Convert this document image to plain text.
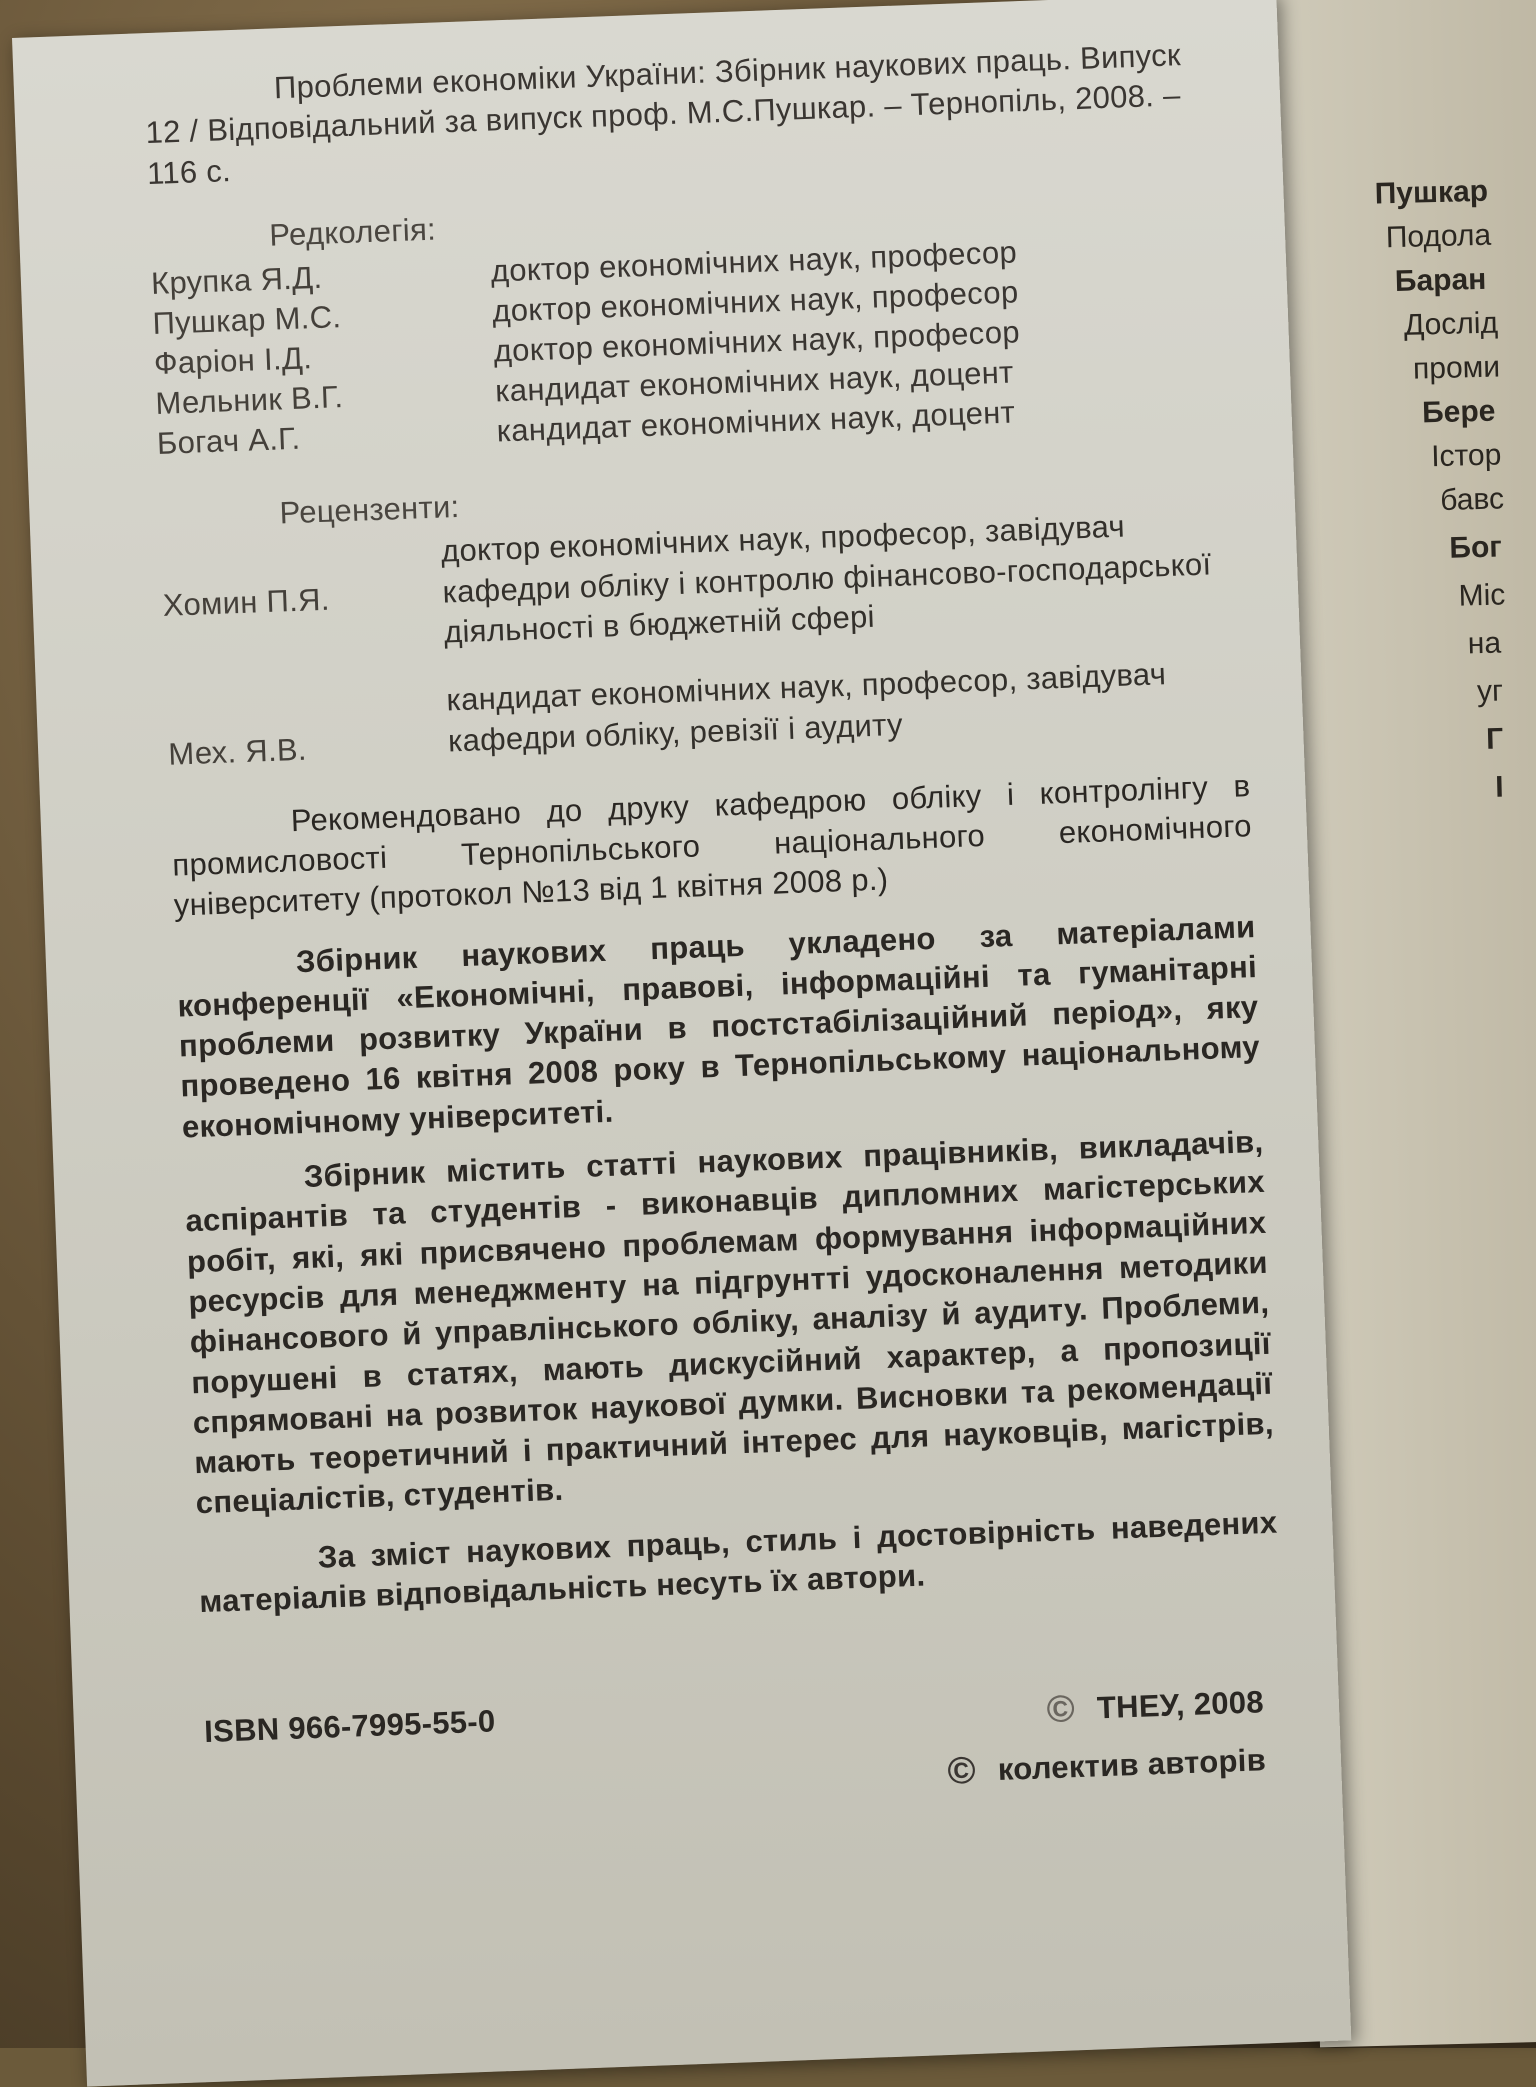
Пушкар
Подола
Баран
Дослід
проми
Бере
Істор
бавс
Бог
Міс
на
уг
Г
І

Проблеми економіки України: Збірник наукових праць. Випуск 12 / Відповідальний за випуск проф. М.С.Пушкар. – Тернопіль, 2008. – 116 с.

Редколегія:
Крупка Я.Д.	доктор економічних наук, професор
Пушкар М.С.	доктор економічних наук, професор
Фаріон І.Д.	доктор економічних наук, професор
Мельник В.Г.	кандидат економічних наук, доцент
Богач А.Г.	кандидат економічних наук, доцент
Рецензенти:
Хомин П.Я.
доктор економічних наук, професор, завідувач кафедри обліку і контролю фінансово-господарської діяльності в бюджетній сфері
Мех. Я.В.
кандидат економічних наук, професор, завідувач кафедри обліку, ревізії і аудиту

Рекомендовано до друку кафедрою обліку і контролінгу в промисловості Тернопільського національного економічного університету (протокол №13 від 1 квітня 2008 р.)

Збірник наукових праць укладено за матеріалами конференції «Економічні, правові, інформаційні та гуманітарні проблеми розвитку України в постстабілізаційний період», яку проведено 16 квітня 2008 року в Тернопільському національному економічному університеті.

Збірник містить статті наукових працівників, викладачів, аспірантів та студентів - виконавців дипломних магістерських робіт, які, які присвячено проблемам формування інформаційних ресурсів для менеджменту на підгрунтті удосконалення методики фінансового й управлінського обліку, аналізу й аудиту. Проблеми, порушені в статях, мають дискусійний характер, а пропозиції спрямовані на розвиток наукової думки. Висновки та рекомендації мають теоретичний і практичний інтерес для науковців, магістрів, спеціалістів, студентів.

За зміст наукових праць, стиль і достовірність наведених матеріалів відповідальність несуть їх автори.

ISBN 966-7995-55-0	© ТНЕУ, 2008
© колектив авторів
